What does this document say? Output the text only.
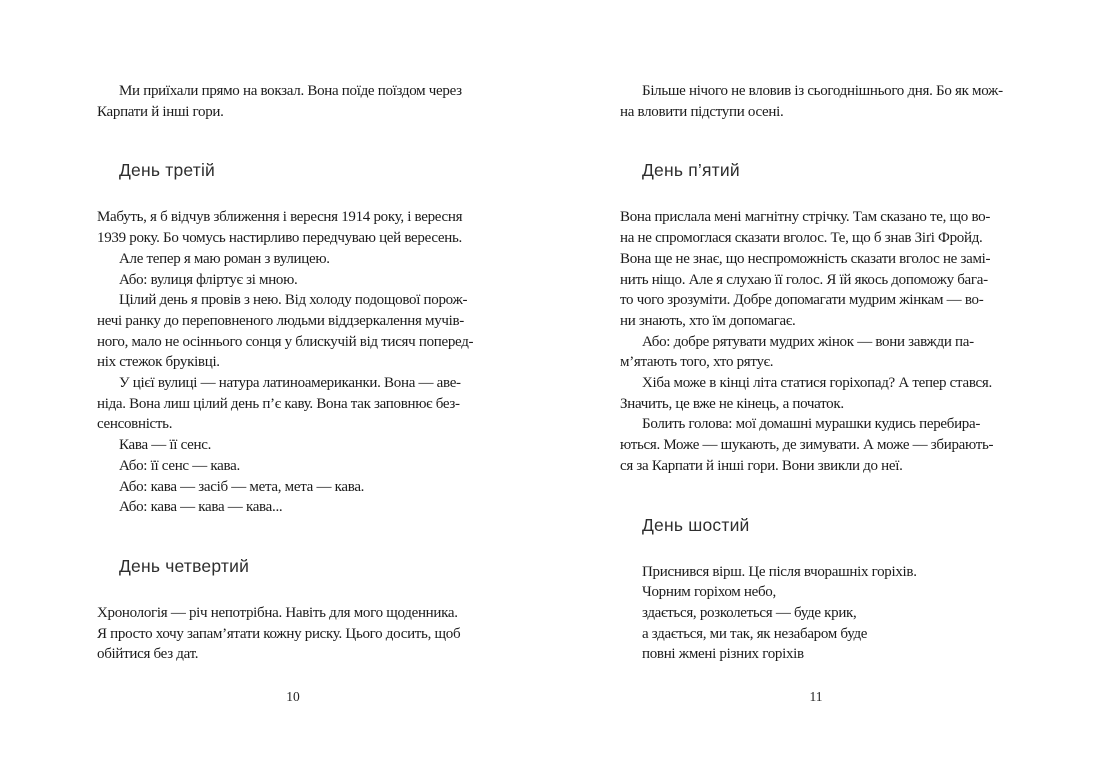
Ми приїхали прямо на вокзал. Вона поїде поїздом через
Карпати й інші гори.
День третій
Мабуть, я б відчув зближення і вересня 1914 року, і вересня
1939 року. Бо чомусь настирливо передчуваю цей вересень.
Але тепер я маю роман з вулицею.
Або: вулиця фліртує зі мною.
Цілий день я провів з нею. Від холоду подощової порож-
нечі ранку до переповненого людьми віддзеркалення мучів-
ного, мало не осіннього сонця у блискучій від тисяч поперед-
ніх стежок бруківці.
У цієї вулиці — натура латиноамериканки. Вона — аве-
ніда. Вона лиш цілий день п’є каву. Вона так заповнює без-
сенсовність.
Кава — її сенс.
Або: її сенс — кава.
Або: кава — засіб — мета, мета — кава.
Або: кава — кава — кава...
День четвертий
Хронологія — річ непотрібна. Навіть для мого щоденника.
Я просто хочу запам’ятати кожну риску. Цього досить, щоб
обійтися без дат.
10
Більше нічого не вловив із сьогоднішнього дня. Бо як мож-
на вловити підступи осені.
День п’ятий
Вона прислала мені магнітну стрічку. Там сказано те, що во-
на не спромоглася сказати вголос. Те, що б знав Зіґі Фройд.
Вона ще не знає, що неспроможність сказати вголос не замі-
нить ніщо. Але я слухаю її голос. Я їй якось допоможу бага-
то чого зрозуміти. Добре допомагати мудрим жінкам — во-
ни знають, хто їм допомагає.
Або: добре рятувати мудрих жінок — вони завжди па-
м’ятають того, хто рятує.
Хіба може в кінці літа статися горіхопад? А тепер стався.
Значить, це вже не кінець, а початок.
Болить голова: мої домашні мурашки кудись перебира-
ються. Може — шукають, де зимувати. А може — збирають-
ся за Карпати й інші гори. Вони звикли до неї.
День шостий
Приснився вірш. Це після вчорашніх горіхів.
Чорним горіхом небо,
здається, розколеться — буде крик,
а здається, ми так, як незабаром буде
повні жмені різних горіхів
11
